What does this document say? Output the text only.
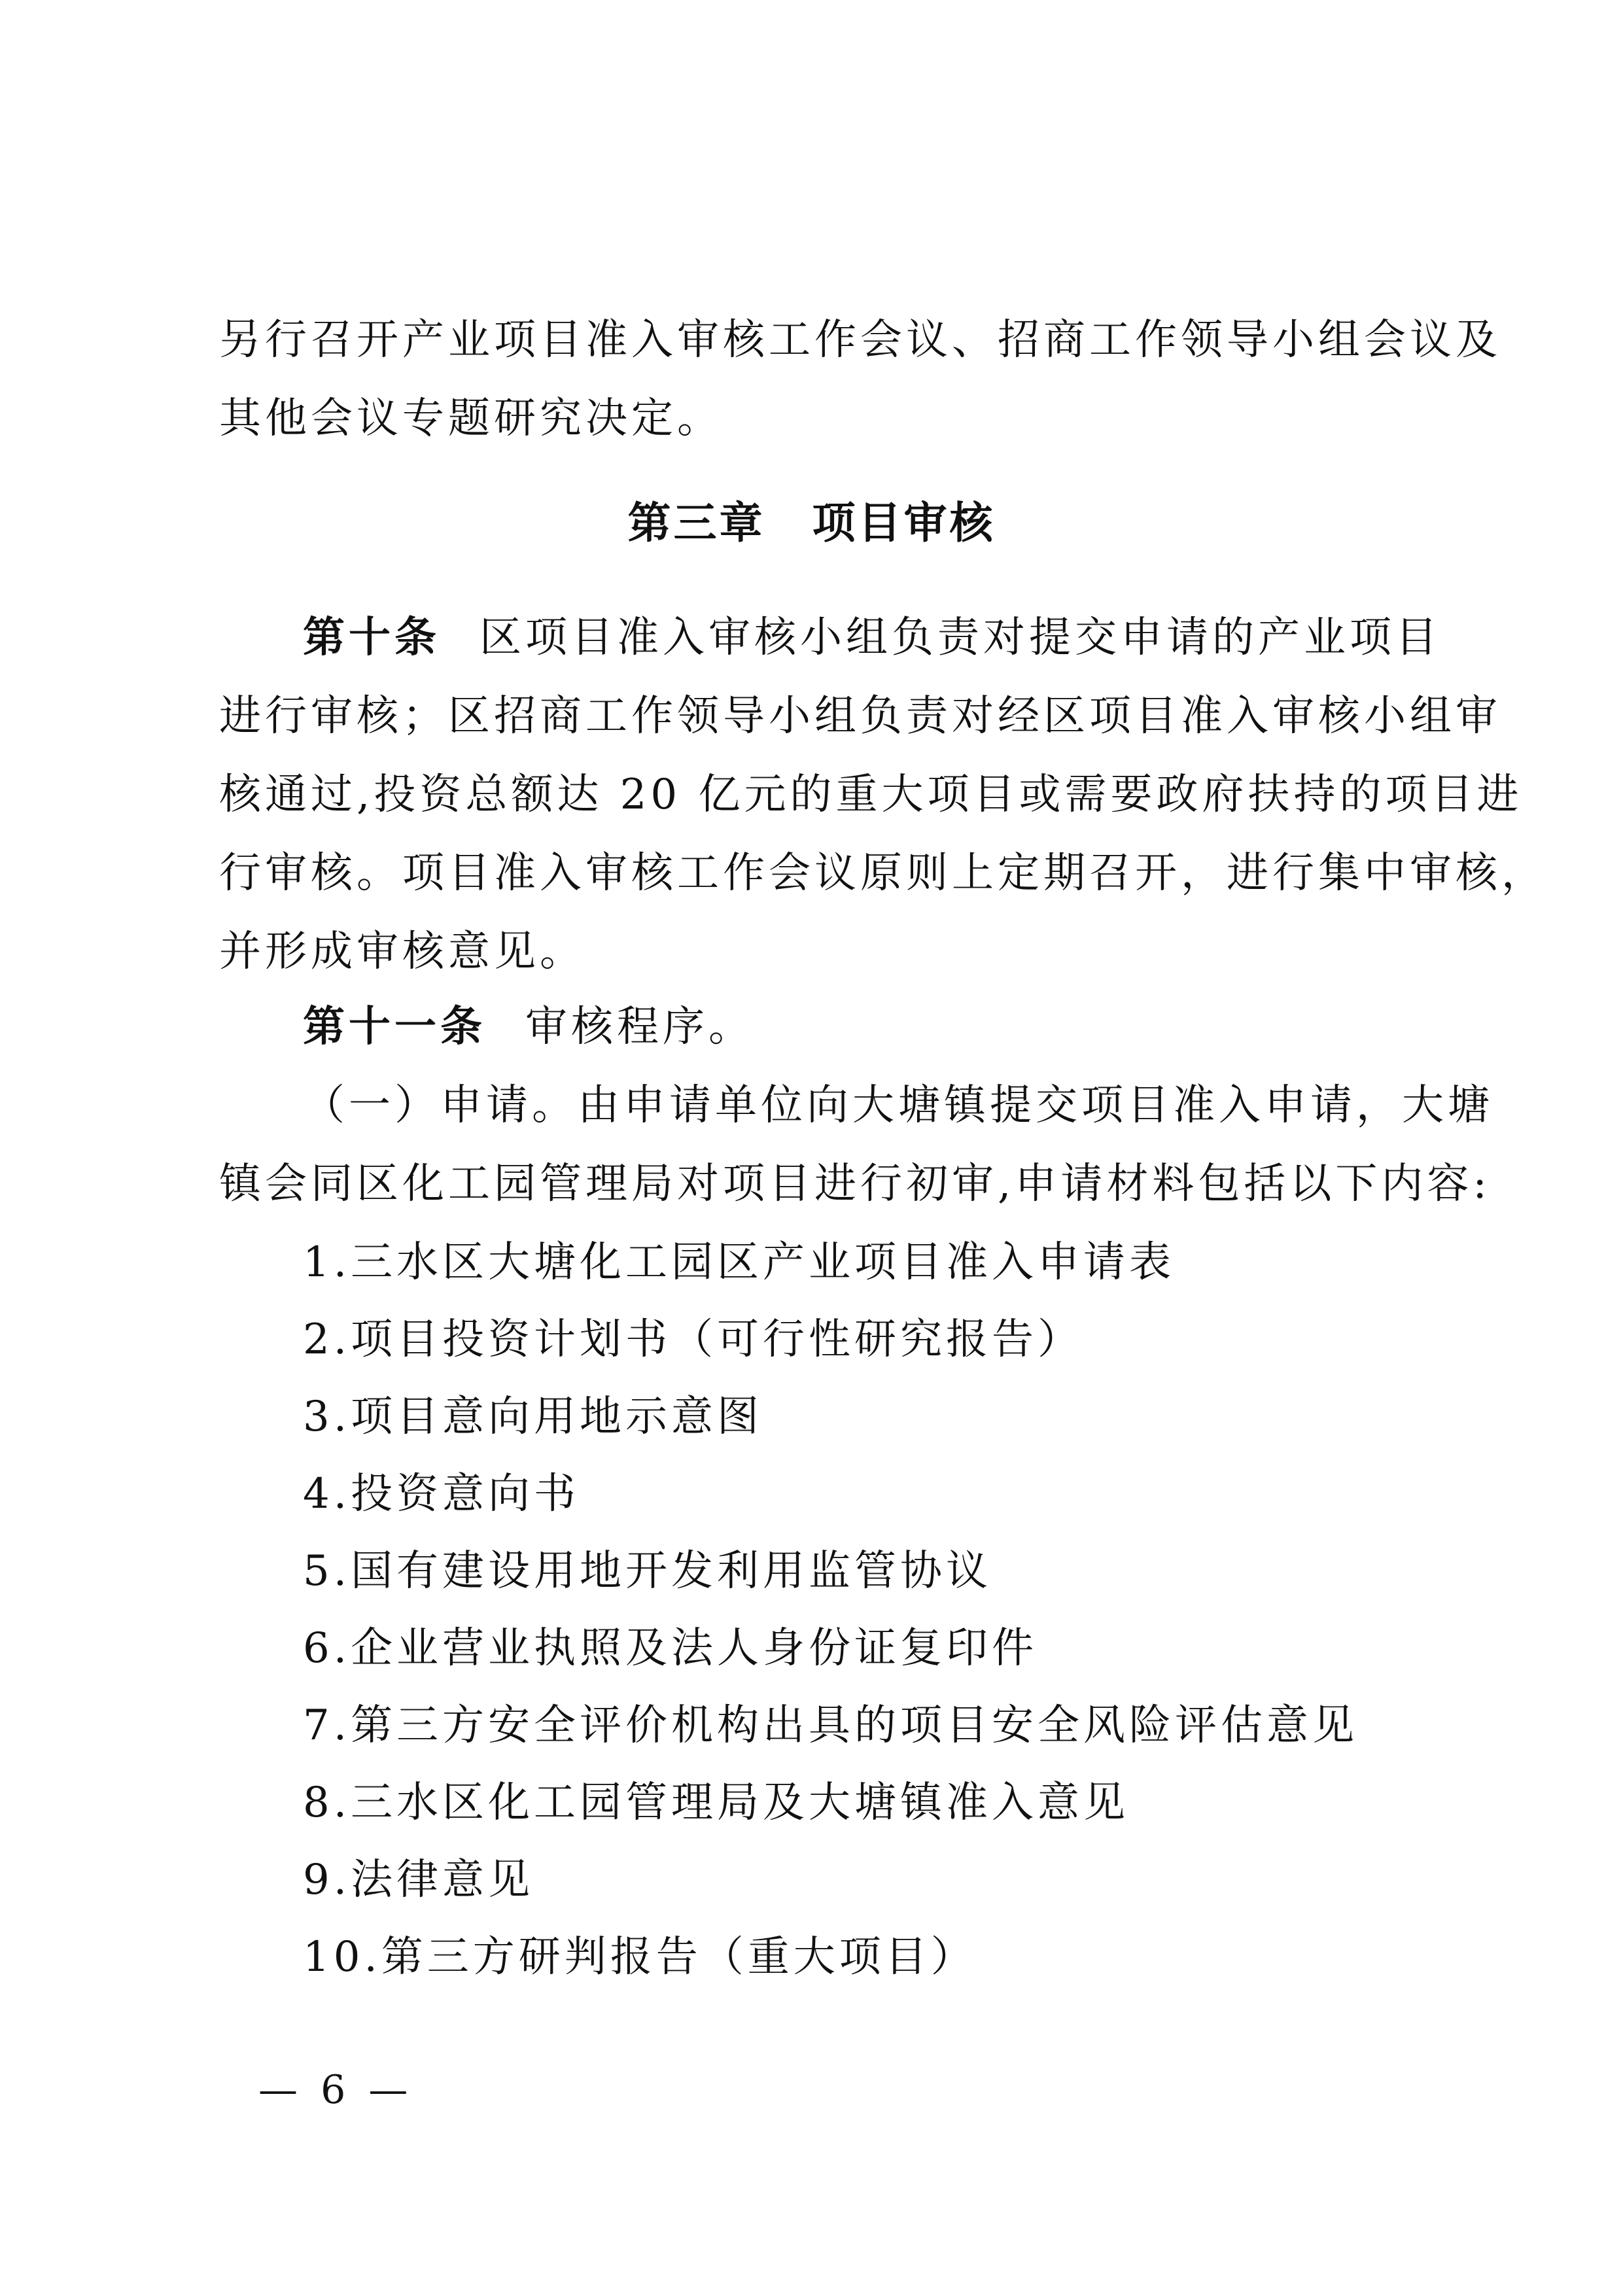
另行召开产业项目准入审核工作会议、招商工作领导小组会议及
其他会议专题研究决定。
第三章 项目审核
第十条 区项目准入审核小组负责对提交申请的产业项目
进行审核；区招商工作领导小组负责对经区项目准入审核小组审
核通过,投资总额达 20 亿元的重大项目或需要政府扶持的项目进
行审核。项目准入审核工作会议原则上定期召开，进行集中审核，
并形成审核意见。
第十一条 审核程序。
（一）申请。由申请单位向大塘镇提交项目准入申请，大塘
镇会同区化工园管理局对项目进行初审,申请材料包括以下内容:
1.三水区大塘化工园区产业项目准入申请表
2.项目投资计划书（可行性研究报告）
3.项目意向用地示意图
4.投资意向书
5.国有建设用地开发利用监管协议
6.企业营业执照及法人身份证复印件
7.第三方安全评价机构出具的项目安全风险评估意见
8.三水区化工园管理局及大塘镇准入意见
9.法律意见
10.第三方研判报告（重大项目）
— 6 —
